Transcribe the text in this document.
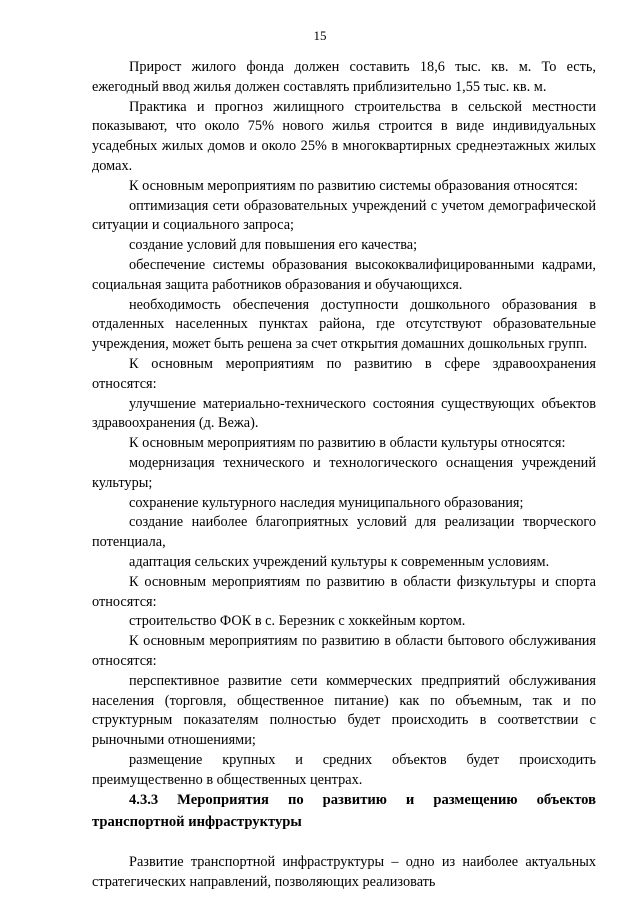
15

Прирост жилого фонда должен составить 18,6 тыс. кв. м. То есть, ежегодный ввод жилья должен составлять приблизительно 1,55 тыс. кв. м.

Практика и прогноз жилищного строительства в сельской местности показывают, что около 75% нового жилья строится в виде индивидуальных усадебных жилых домов и около 25% в многоквартирных среднеэтажных жилых домах.

К основным мероприятиям по развитию системы образования относятся:

оптимизация сети образовательных учреждений с учетом демографической ситуации и социального запроса;

создание условий для повышения его качества;

обеспечение системы образования высококвалифицированными кадрами, социальная защита работников образования и обучающихся.

необходимость обеспечения доступности дошкольного образования в отдаленных населенных пунктах района, где отсутствуют образовательные учреждения, может быть решена за счет открытия домашних дошкольных групп.

К основным мероприятиям по развитию в сфере здравоохранения относятся:

улучшение материально-технического состояния существующих объектов здравоохранения (д. Вежа).

К основным мероприятиям по развитию в области культуры относятся:

модернизация технического и технологического оснащения учреждений культуры;

сохранение культурного наследия муниципального образования;

создание наиболее благоприятных условий для реализации творческого потенциала,

адаптация сельских учреждений культуры к современным условиям.

К основным мероприятиям по развитию в области физкультуры и спорта относятся:

строительство ФОК в с. Березник с хоккейным кортом.

К основным мероприятиям по развитию в области бытового обслуживания относятся:

перспективное развитие сети коммерческих предприятий обслуживания населения (торговля, общественное питание) как по объемным, так и по структурным показателям полностью будет происходить в соответствии с рыночными отношениями;

размещение крупных и средних объектов будет происходить преимущественно в общественных центрах.

4.3.3 Мероприятия по развитию и размещению объектов транспортной инфраструктуры

Развитие транспортной инфраструктуры – одно из наиболее актуальных стратегических направлений, позволяющих реализовать
